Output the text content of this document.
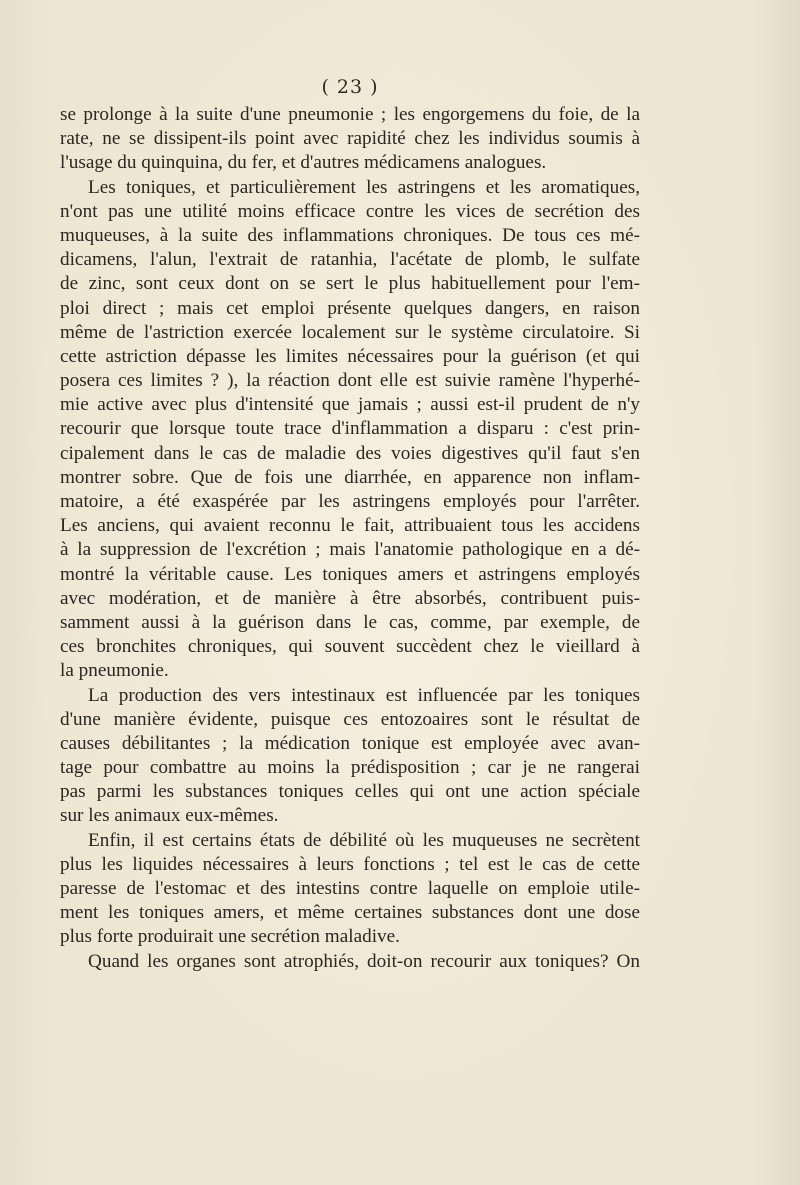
( 23 )
se prolonge à la suite d'une pneumonie ; les engorgemens du foie, de la
rate, ne se dissipent-ils point avec rapidité chez les individus soumis à
l'usage du quinquina, du fer, et d'autres médicamens analogues.
Les toniques, et particulièrement les astringens et les aromatiques,
n'ont pas une utilité moins efficace contre les vices de secrétion des
muqueuses, à la suite des inflammations chroniques. De tous ces mé-
dicamens, l'alun, l'extrait de ratanhia, l'acétate de plomb, le sulfate
de zinc, sont ceux dont on se sert le plus habituellement pour l'em-
ploi direct ; mais cet emploi présente quelques dangers, en raison
même de l'astriction exercée localement sur le système circulatoire. Si
cette astriction dépasse les limites nécessaires pour la guérison (et qui
posera ces limites ? ), la réaction dont elle est suivie ramène l'hyperhé-
mie active avec plus d'intensité que jamais ; aussi est-il prudent de n'y
recourir que lorsque toute trace d'inflammation a disparu : c'est prin-
cipalement dans le cas de maladie des voies digestives qu'il faut s'en
montrer sobre. Que de fois une diarrhée, en apparence non inflam-
matoire, a été exaspérée par les astringens employés pour l'arrêter.
Les anciens, qui avaient reconnu le fait, attribuaient tous les accidens
à la suppression de l'excrétion ; mais l'anatomie pathologique en a dé-
montré la véritable cause. Les toniques amers et astringens employés
avec modération, et de manière à être absorbés, contribuent puis-
samment aussi à la guérison dans le cas, comme, par exemple, de
ces bronchites chroniques, qui souvent succèdent chez le vieillard à
la pneumonie.
La production des vers intestinaux est influencée par les toniques
d'une manière évidente, puisque ces entozoaires sont le résultat de
causes débilitantes ; la médication tonique est employée avec avan-
tage pour combattre au moins la prédisposition ; car je ne rangerai
pas parmi les substances toniques celles qui ont une action spéciale
sur les animaux eux-mêmes.
Enfin, il est certains états de débilité où les muqueuses ne secrètent
plus les liquides nécessaires à leurs fonctions ; tel est le cas de cette
paresse de l'estomac et des intestins contre laquelle on emploie utile-
ment les toniques amers, et même certaines substances dont une dose
plus forte produirait une secrétion maladive.
Quand les organes sont atrophiés, doit-on recourir aux toniques? On
